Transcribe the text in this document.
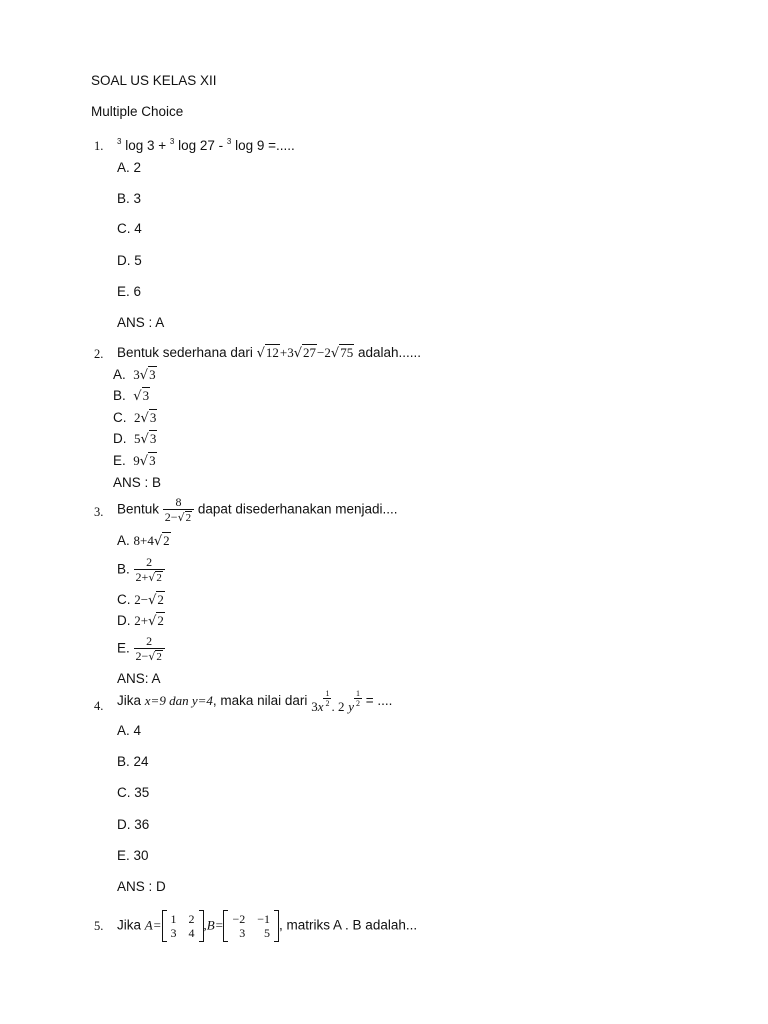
SOAL US KELAS XII
Multiple Choice
1. $^3$ log 3 + $^3$ log 27 - $^3$ log 9 =.....
A. 2
B. 3
C. 4
D. 5
E. 6
ANS : A
2. Bentuk sederhana dari √12+3√27−2√75 adalah......
A. 3√3
B. √3
C. 2√3
D. 5√3
E. 9√3
ANS : B
3. Bentuk $\frac{8}{2-√2}$ dapat disederhanakan menjadi....
A. 8+4√2
B. $\frac{2}{2+√2}$
C. 2−√2
D. 2+√2
E. $\frac{2}{2-√2}$
ANS: A
4. Jika x=9 dan y=4, maka nilai dari $3x \frac{1}{2}$ . 2 y $\frac{1}{2}$ = ....
A. 4
B. 24
C. 35
D. 36
E. 30
ANS : D
5. Jika A= 1 2
3 4
,B= −2 −1
3	5
, matriks A . B adalah...
